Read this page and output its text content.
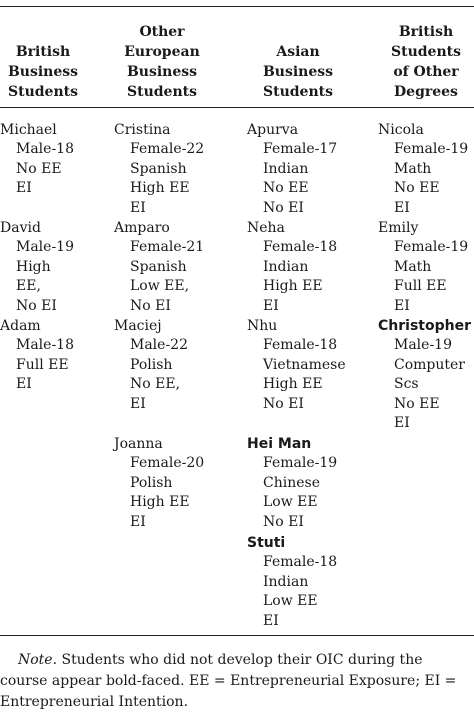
British
Business
Students
Other
European
Business
Students
Asian
Business
Students
British
Students
of Other
Degrees
Michael
Male-18
No EE
EI
David
Male-19
High
EE,
No EI
Adam
Male-18
Full EE
EI
Cristina
Female-22
Spanish
High EE
EI
Amparo
Female-21
Spanish
Low EE,
No EI
Maciej
Male-22
Polish
No EE,
EI
Joanna
Female-20
Polish
High EE
EI
Apurva
Female-17
Indian
No EE
No EI
Neha
Female-18
Indian
High EE
EI
Nhu
Female-18
Vietnamese
High EE
No EI
Hei Man
Female-19
Chinese
Low EE
No EI
Stuti
Female-18
Indian
Low EE
EI
Nicola
Female-19
Math
No EE
EI
Emily
Female-19
Math
Full EE
EI
Christopher
Male-19
Computer
Scs
No EE
EI
Note. Students who did not develop their OIC during the
course appear bold-faced. EE = Entrepreneurial Exposure; EI =
Entrepreneurial Intention.
